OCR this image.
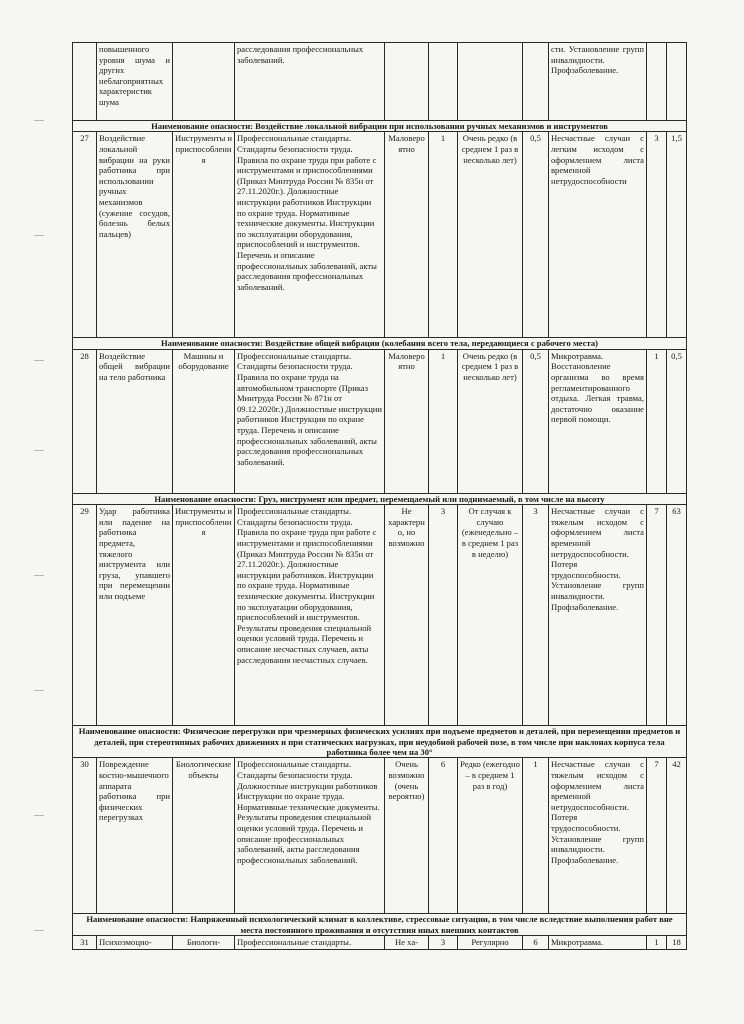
	повышенного уровня шума и других неблагоприятных характеристик шума		расследования профессиональных заболеваний.					сти. Установление групп инвалидности. Профзаболевание.		
Наименование опасности: Воздействие локальной вибрации при использовании ручных механизмов и инструментов										
27	Воздействие локальной вибрации на руки работника при использовании ручных механизмов (сужение сосудов, болезнь белых пальцев)	Инструменты и приспособления	Профессиональные стандарты. Стандарты безопасности труда. Правила по охране труда при работе с инструментами и приспособлениями (Приказ Минтруда России № 835н от 27.11.2020г.). Должностные инструкции работников Инструкции по охране труда. Нормативные технические документы. Инструкции по эксплуатации оборудования, приспособлений и инструментов. Перечень и описание профессиональных заболеваний, акты расследования профессиональных заболеваний.	Маловероятно	1	Очень редко (в среднем 1 раз в несколько лет)	0,5	Несчастные случаи с легким исходом с оформлением листа временной нетрудоспособности	3	1,5
Наименование опасности: Воздействие общей вибрации (колебания всего тела, передающиеся с рабочего места)										
28	Воздействие общей вибрации на тело работника	Машины и оборудование	Профессиональные стандарты. Стандарты безопасности труда. Правила по охране труда на автомобильном транспорте (Приказ Минтруда России № 871н от 09.12.2020г.) Должностные инструкции работников Инструкции по охране труда. Перечень и описание профессиональных заболеваний, акты расследования профессиональных заболеваний.	Маловероятно	1	Очень редко (в среднем 1 раз в несколько лет)	0,5	Микротравма. Восстановление организма во время регламентированного отдыха. Легкая травма, достаточно оказание первой помощи.	1	0,5
Наименование опасности: Груз, инструмент или предмет, перемещаемый или поднимаемый, в том числе на высоту										
29	Удар работника или падение на работника предмета, тяжелого инструмента или груза, упавшего при перемещении или подъеме	Инструменты и приспособления	Профессиональные стандарты. Стандарты безопасности труда. Правила по охране труда при работе с инструментами и приспособлениями (Приказ Минтруда России № 835н от 27.11.2020г.). Должностные инструкции работников. Инструкции по охране труда. Нормативные технические документы. Инструкции по эксплуатации оборудования, приспособлений и инструментов. Результаты проведения специальной оценки условий труда. Перечень и описание несчастных случаев, акты расследования несчастных случаев.	Не характерно, но возможно	3	От случая к случаю (еженедельно – в среднем 1 раз в неделю)	3	Несчастные случаи с тяжелым исходом с оформлением листа временной нетрудоспособности. Потеря трудоспособности. Установление групп инвалидности. Профзаболевание.	7	63
Наименование опасности: Физические перегрузки при чрезмерных физических усилиях при подъеме предметов и деталей, при перемещении предметов и деталей, при стереотипных рабочих движениях и при статических нагрузках, при неудобной рабочей позе, в том числе при наклонах корпуса тела работника более чем на 30°										
30	Повреждение костно-мышечного аппарата работника при физических перегрузках	Биологические объекты	Профессиональные стандарты. Стандарты безопасности труда. Должностные инструкции работников Инструкции по охране труда. Нормативные технические документы. Результаты проведения специальной оценки условий труда. Перечень и описание профессиональных заболеваний, акты расследования профессиональных заболеваний.	Очень возможно (очень вероятно)	6	Редко (ежегодно – в среднем 1 раз в год)	1	Несчастные случаи с тяжелым исходом с оформлением листа временной нетрудоспособности. Потеря трудоспособности. Установление групп инвалидности. Профзаболевание.	7	42
Наименование опасности: Напряженный психологический климат в коллективе, стрессовые ситуации, в том числе вследствие выполнения работ вне места постоянного проживания и отсутствия иных внешних контактов										
31	Психоэмоцио-	Биологи-	Профессиональные стандарты.	Не ха-	3	Регулярно	6	Микротравма.	1	18
